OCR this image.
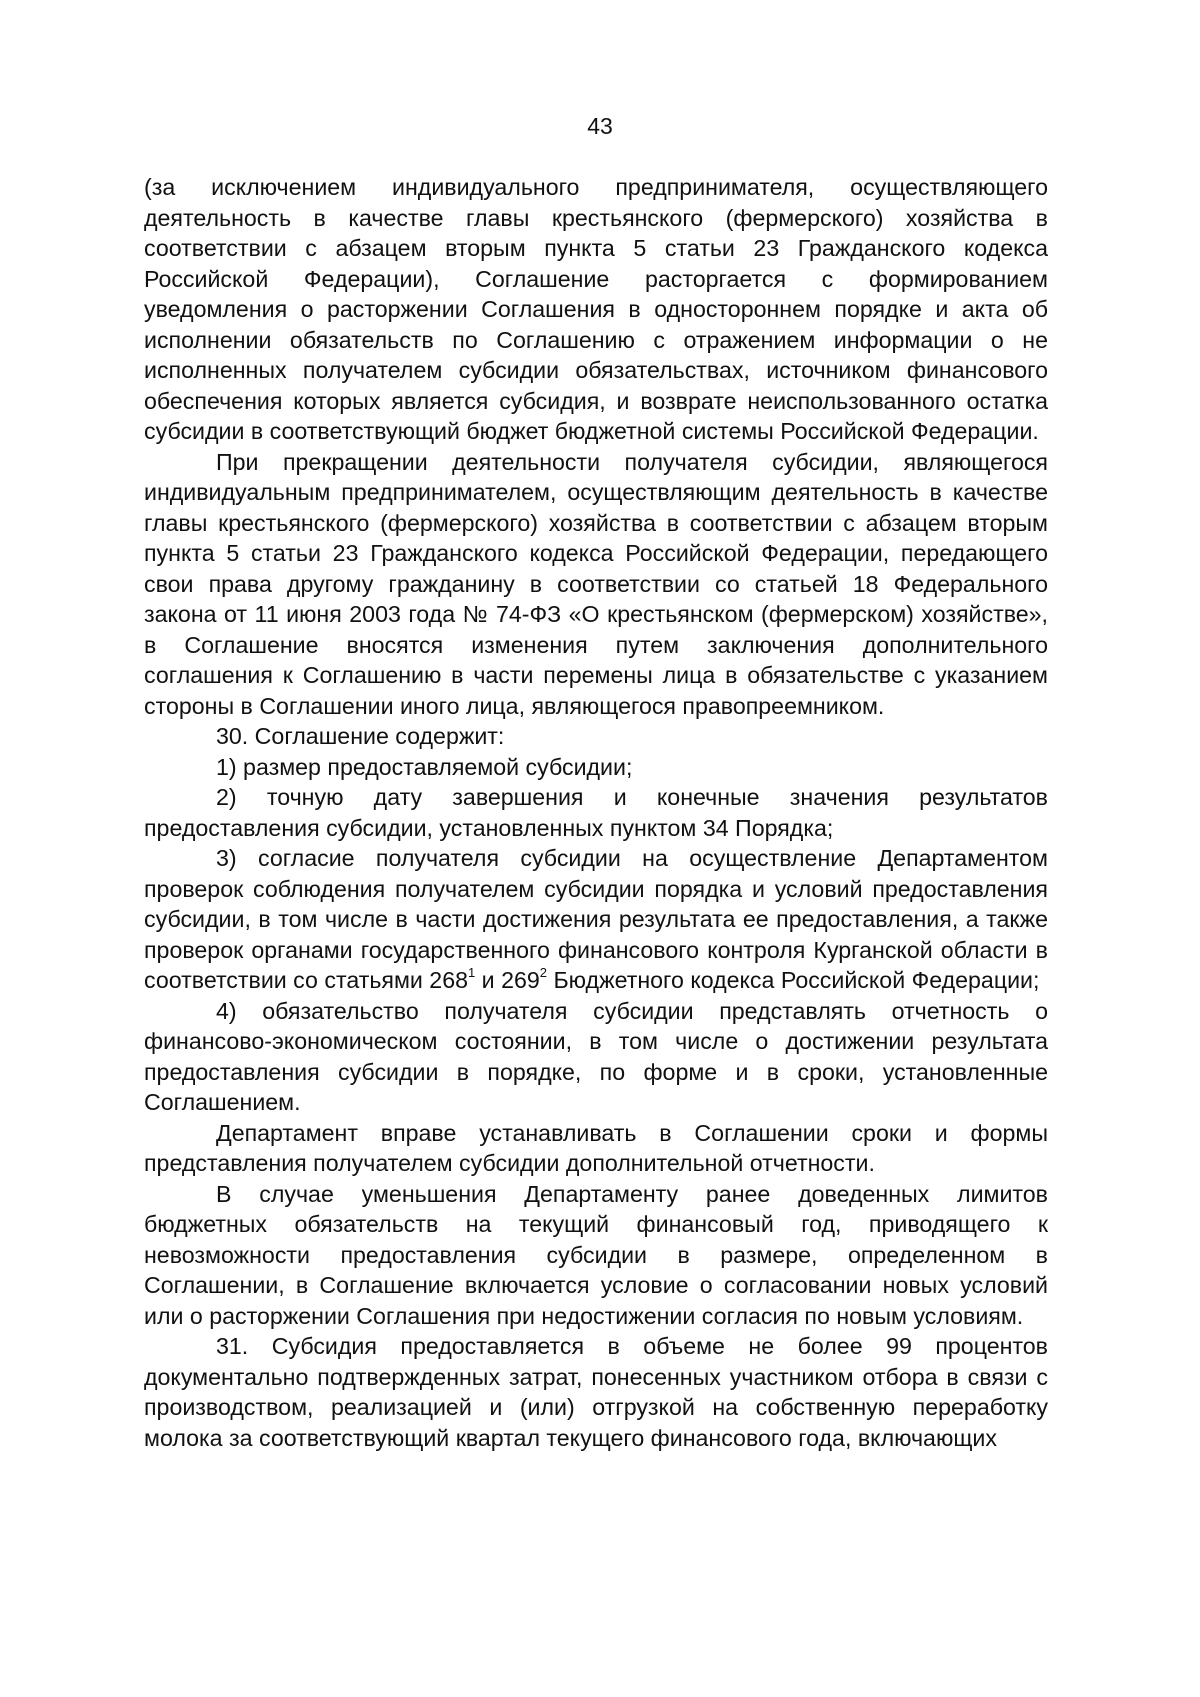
43

(за исключением индивидуального предпринимателя, осуществляющего деятельность в качестве главы крестьянского (фермерского) хозяйства в соответствии с абзацем вторым пункта 5 статьи 23 Гражданского кодекса Российской Федерации), Соглашение расторгается с формированием уведомления о расторжении Соглашения в одностороннем порядке и акта об исполнении обязательств по Соглашению с отражением информации о не исполненных получателем субсидии обязательствах, источником финансового обеспечения которых является субсидия, и возврате неиспользованного остатка субсидии в соответствующий бюджет бюджетной системы Российской Федерации.

При прекращении деятельности получателя субсидии, являющегося индивидуальным предпринимателем, осуществляющим деятельность в качестве главы крестьянского (фермерского) хозяйства в соответствии с абзацем вторым пункта 5 статьи 23 Гражданского кодекса Российской Федерации, передающего свои права другому гражданину в соответствии со статьей 18 Федерального закона от 11 июня 2003 года № 74-ФЗ «О крестьянском (фермерском) хозяйстве», в Соглашение вносятся изменения путем заключения дополнительного соглашения к Соглашению в части перемены лица в обязательстве с указанием стороны в Соглашении иного лица, являющегося правопреемником.

30. Соглашение содержит:

1) размер предоставляемой субсидии;

2) точную дату завершения и конечные значения результатов предоставления субсидии, установленных пунктом 34 Порядка;

3) согласие получателя субсидии на осуществление Департаментом проверок соблюдения получателем субсидии порядка и условий предоставления субсидии, в том числе в части достижения результата ее предоставления, а также проверок органами государственного финансового контроля Курганской области в соответствии со статьями $268^1$ и $269^2$ Бюджетного кодекса Российской Федерации;

4) обязательство получателя субсидии представлять отчетность о финансово-экономическом состоянии, в том числе о достижении результата предоставления субсидии в порядке, по форме и в сроки, установленные Соглашением.

Департамент вправе устанавливать в Соглашении сроки и формы представления получателем субсидии дополнительной отчетности.

В случае уменьшения Департаменту ранее доведенных лимитов бюджетных обязательств на текущий финансовый год, приводящего к невозможности предоставления субсидии в размере, определенном в Соглашении, в Соглашение включается условие о согласовании новых условий или о расторжении Соглашения при недостижении согласия по новым условиям.

31. Субсидия предоставляется в объеме не более 99 процентов документально подтвержденных затрат, понесенных участником отбора в связи с производством, реализацией и (или) отгрузкой на собственную переработку молока за соответствующий квартал текущего финансового года, включающих
